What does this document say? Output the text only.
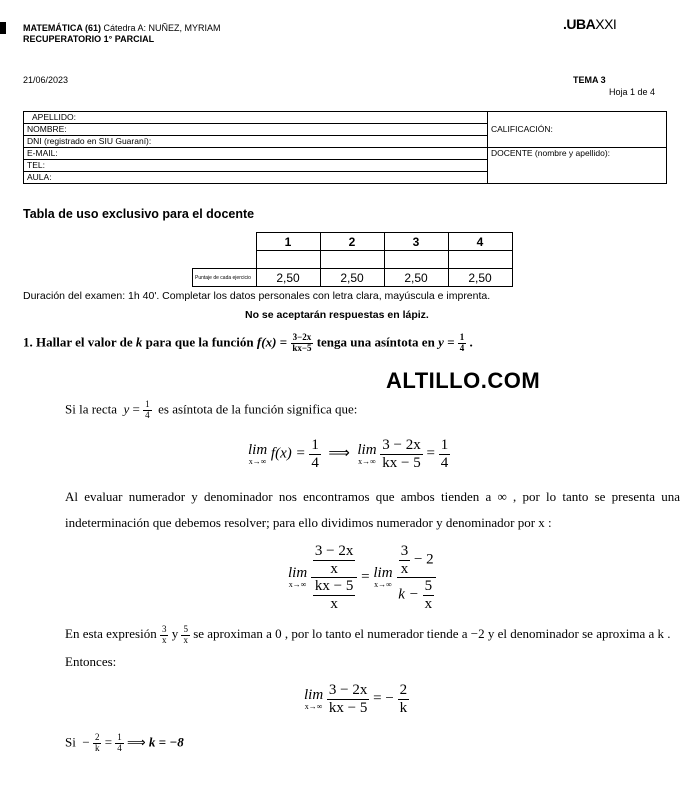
MATEMÁTICA (61) Cátedra A: NUÑEZ, MYRIAM
RECUPERATORIO 1° PARCIAL
.UBAXXI
21/06/2023	TEMA 3
Hoja 1 de 4
APELLIDO:	CALIFICACIÓN:
NOMBRE:	
DNI (registrado en SIU Guaraní):	
E-MAIL:	DOCENTE (nombre y apellido):
TEL:	
AULA:	
Tabla de uso exclusivo para el docente
	1	2	3	4

Puntaje de cada ejercicio	2,50	2,50	2,50	2,50
Duración del examen: 1h 40'. Completar los datos personales con letra clara, mayúscula e imprenta.
No se aceptarán respuestas en lápiz.
1. Hallar el valor de k para que la función $f(x) = \frac{3-2x}{kx-5}$ tenga una asíntota en $y = \frac{1}{4}$ .
ALTILLO.COM
Si la recta $y = \frac{1}{4}$ es asíntota de la función significa que:
lim
x→∞ $f(x) = \frac{1}{4}$ ⟹ lim
x→∞
$\frac{3 - 2x}{kx - 5} = \frac{1}{4}$
Al evaluar numerador y denominador nos encontramos que ambos tienden a ∞ , por lo tanto se presenta una indeterminación que debemos resolver; para ello dividimos numerador y denominador por x :
lim
x→∞
$\frac{\frac{3 - 2x}{x}}{\frac{kx - 5}{x}} = \lim$
x→∞
$\frac{\frac{3}{x} - 2}{k - \frac{5}{x}}$
En esta expresión $\frac{3}{x}$ y $\frac{5}{x}$ se aproximan a 0 , por lo tanto el numerador tiende a −2 y el denominador se aproxima a k . Entonces:
lim
x→∞
$\frac{3 - 2x}{kx - 5}$ = − $\frac{2}{k}$
$Si - \frac{2}{k} = \frac{1}{4}$ ⟹ k = −8
